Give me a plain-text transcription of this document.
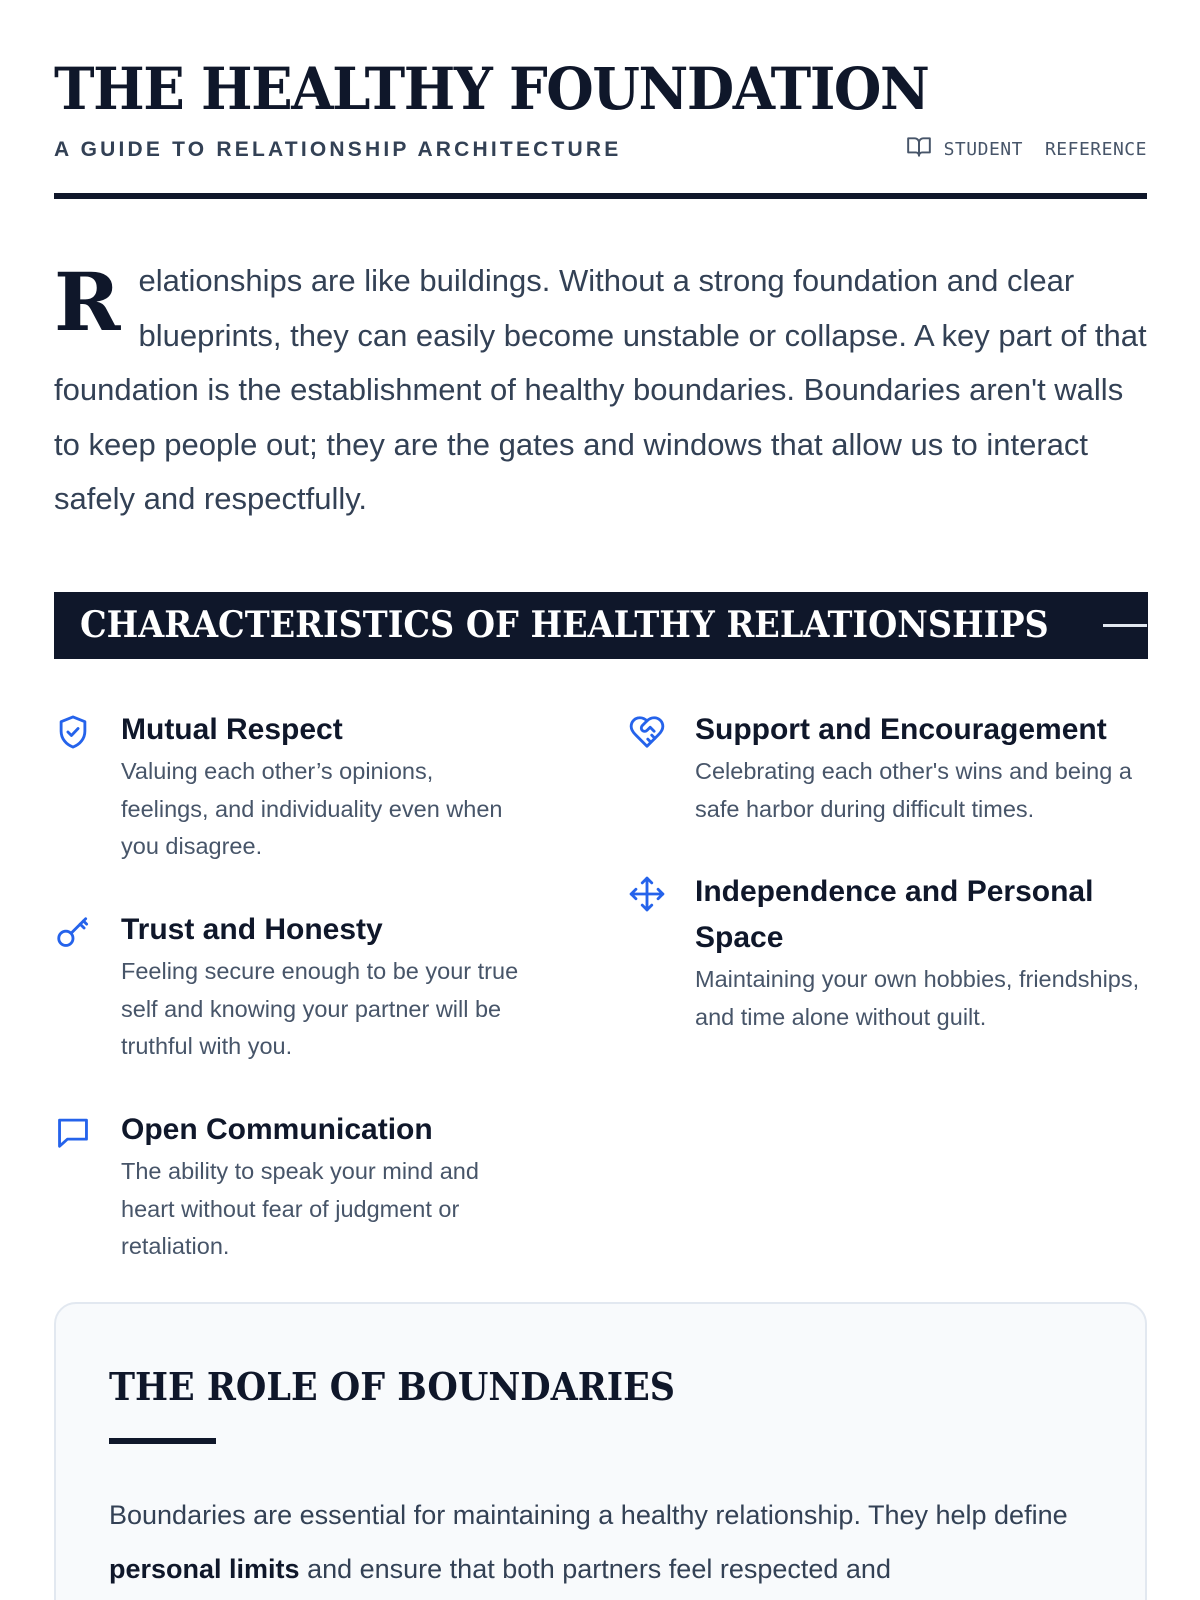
THE HEALTHY FOUNDATION
A GUIDE TO RELATIONSHIP ARCHITECTURE	STUDENT REFERENCE
Relationships are like buildings. Without a strong foundation and clear blueprints, they can easily become unstable or collapse. A key part of that foundation is the establishment of healthy boundaries. Boundaries aren't walls to keep people out; they are the gates and windows that allow us to interact safely and respectfully.
CHARACTERISTICS OF HEALTHY RELATIONSHIPS
Mutual Respect

Valuing each other’s opinions, feelings, and individuality even when you disagree.

Trust and Honesty

Feeling secure enough to be your true self and knowing your partner will be truthful with you.

Open Communication

The ability to speak your mind and heart without fear of judgment or retaliation.

Support and Encouragement

Celebrating each other's wins and being a safe harbor during difficult times.

Independence and Personal Space

Maintaining your own hobbies, friendships, and time alone without guilt.

THE ROLE OF BOUNDARIES

Boundaries are essential for maintaining a healthy relationship. They help define personal limits and ensure that both partners feel respected and
